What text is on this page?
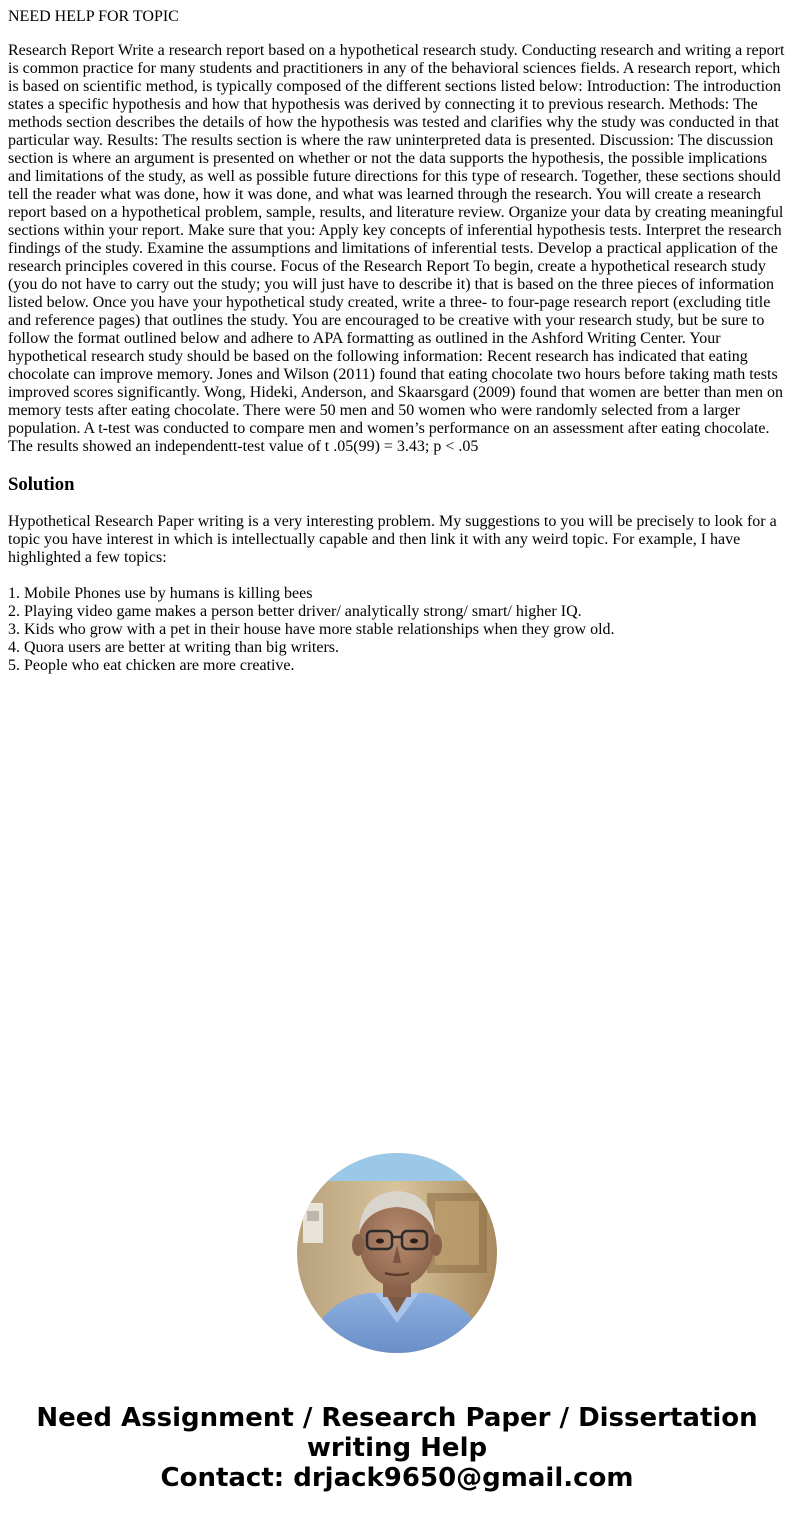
NEED HELP FOR TOPIC
Research Report Write a research report based on a hypothetical research study. Conducting research and writing a report is common practice for many students and practitioners in any of the behavioral sciences fields. A research report, which is based on scientific method, is typically composed of the different sections listed below: Introduction: The introduction states a specific hypothesis and how that hypothesis was derived by connecting it to previous research. Methods: The methods section describes the details of how the hypothesis was tested and clarifies why the study was conducted in that particular way. Results: The results section is where the raw uninterpreted data is presented. Discussion: The discussion section is where an argument is presented on whether or not the data supports the hypothesis, the possible implications and limitations of the study, as well as possible future directions for this type of research. Together, these sections should tell the reader what was done, how it was done, and what was learned through the research. You will create a research report based on a hypothetical problem, sample, results, and literature review. Organize your data by creating meaningful sections within your report. Make sure that you: Apply key concepts of inferential hypothesis tests. Interpret the research findings of the study. Examine the assumptions and limitations of inferential tests. Develop a practical application of the research principles covered in this course. Focus of the Research Report To begin, create a hypothetical research study (you do not have to carry out the study; you will just have to describe it) that is based on the three pieces of information listed below. Once you have your hypothetical study created, write a three- to four-page research report (excluding title and reference pages) that outlines the study. You are encouraged to be creative with your research study, but be sure to follow the format outlined below and adhere to APA formatting as outlined in the Ashford Writing Center. Your hypothetical research study should be based on the following information: Recent research has indicated that eating chocolate can improve memory. Jones and Wilson (2011) found that eating chocolate two hours before taking math tests improved scores significantly. Wong, Hideki, Anderson, and Skaarsgard (2009) found that women are better than men on memory tests after eating chocolate. There were 50 men and 50 women who were randomly selected from a larger population. A t-test was conducted to compare men and women’s performance on an assessment after eating chocolate. The results showed an independentt-test value of t .05(99) = 3.43; p < .05
Solution
Hypothetical Research Paper writing is a very interesting problem. My suggestions to you will be precisely to look for a topic you have interest in which is intellectually capable and then link it with any weird topic. For example, I have highlighted a few topics:
1. Mobile Phones use by humans is killing bees
2. Playing video game makes a person better driver/ analytically strong/ smart/ higher IQ.
3. Kids who grow with a pet in their house have more stable relationships when they grow old.
4. Quora users are better at writing than big writers.
5. People who eat chicken are more creative.
Need Assignment / Research Paper / Dissertation
writing Help
Contact: drjack9650@gmail.com
